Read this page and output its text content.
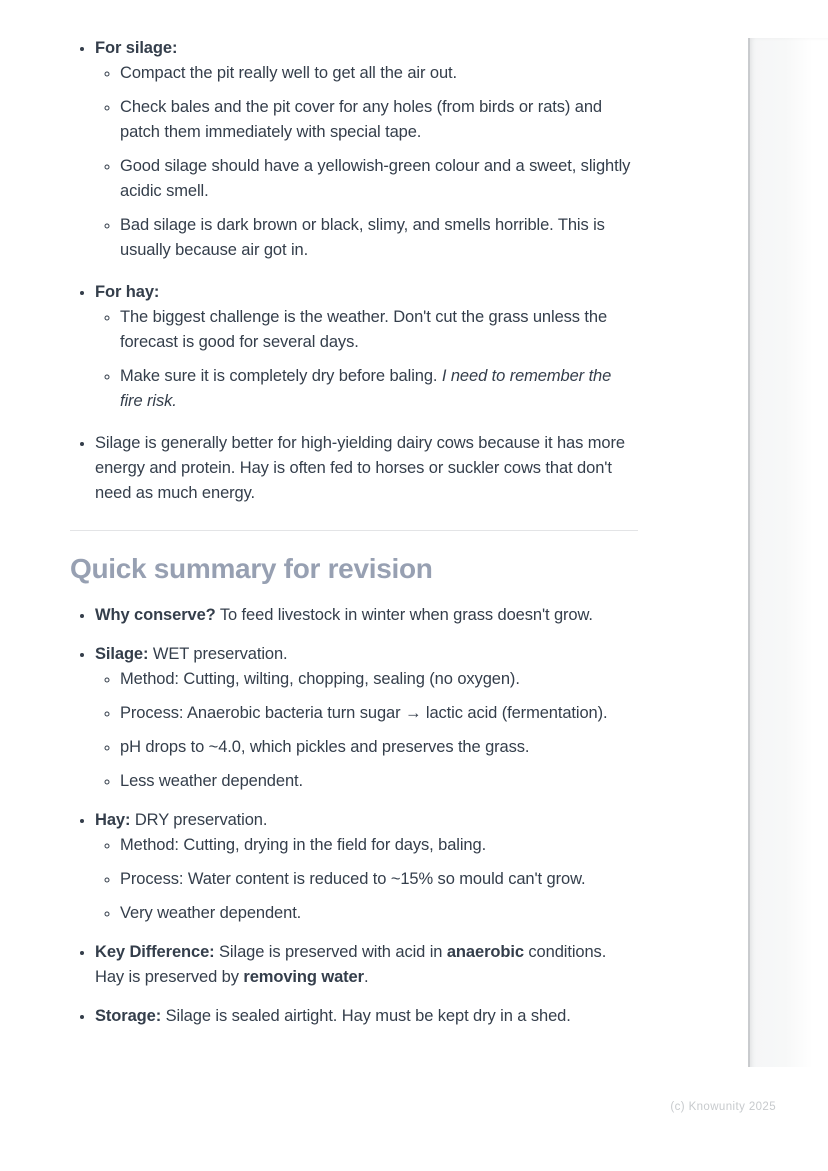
• For silage:
◦ Compact the pit really well to get all the air out.
◦ Check bales and the pit cover for any holes (from birds or rats) and patch them immediately with special tape.
◦ Good silage should have a yellowish-green colour and a sweet, slightly acidic smell.
◦ Bad silage is dark brown or black, slimy, and smells horrible. This is usually because air got in.
• For hay:
◦ The biggest challenge is the weather. Don't cut the grass unless the forecast is good for several days.
◦ Make sure it is completely dry before baling. I need to remember the fire risk.
• Silage is generally better for high-yielding dairy cows because it has more energy and protein. Hay is often fed to horses or suckler cows that don't need as much energy.
Quick summary for revision
• Why conserve? To feed livestock in winter when grass doesn't grow.
• Silage: WET preservation.
◦ Method: Cutting, wilting, chopping, sealing (no oxygen).
◦ Process: Anaerobic bacteria turn sugar → lactic acid (fermentation).
◦ pH drops to ~4.0, which pickles and preserves the grass.
◦ Less weather dependent.
• Hay: DRY preservation.
◦ Method: Cutting, drying in the field for days, baling.
◦ Process: Water content is reduced to ~15% so mould can't grow.
◦ Very weather dependent.
• Key Difference: Silage is preserved with acid in anaerobic conditions. Hay is preserved by removing water.
• Storage: Silage is sealed airtight. Hay must be kept dry in a shed.
(c) Knowunity 2025
